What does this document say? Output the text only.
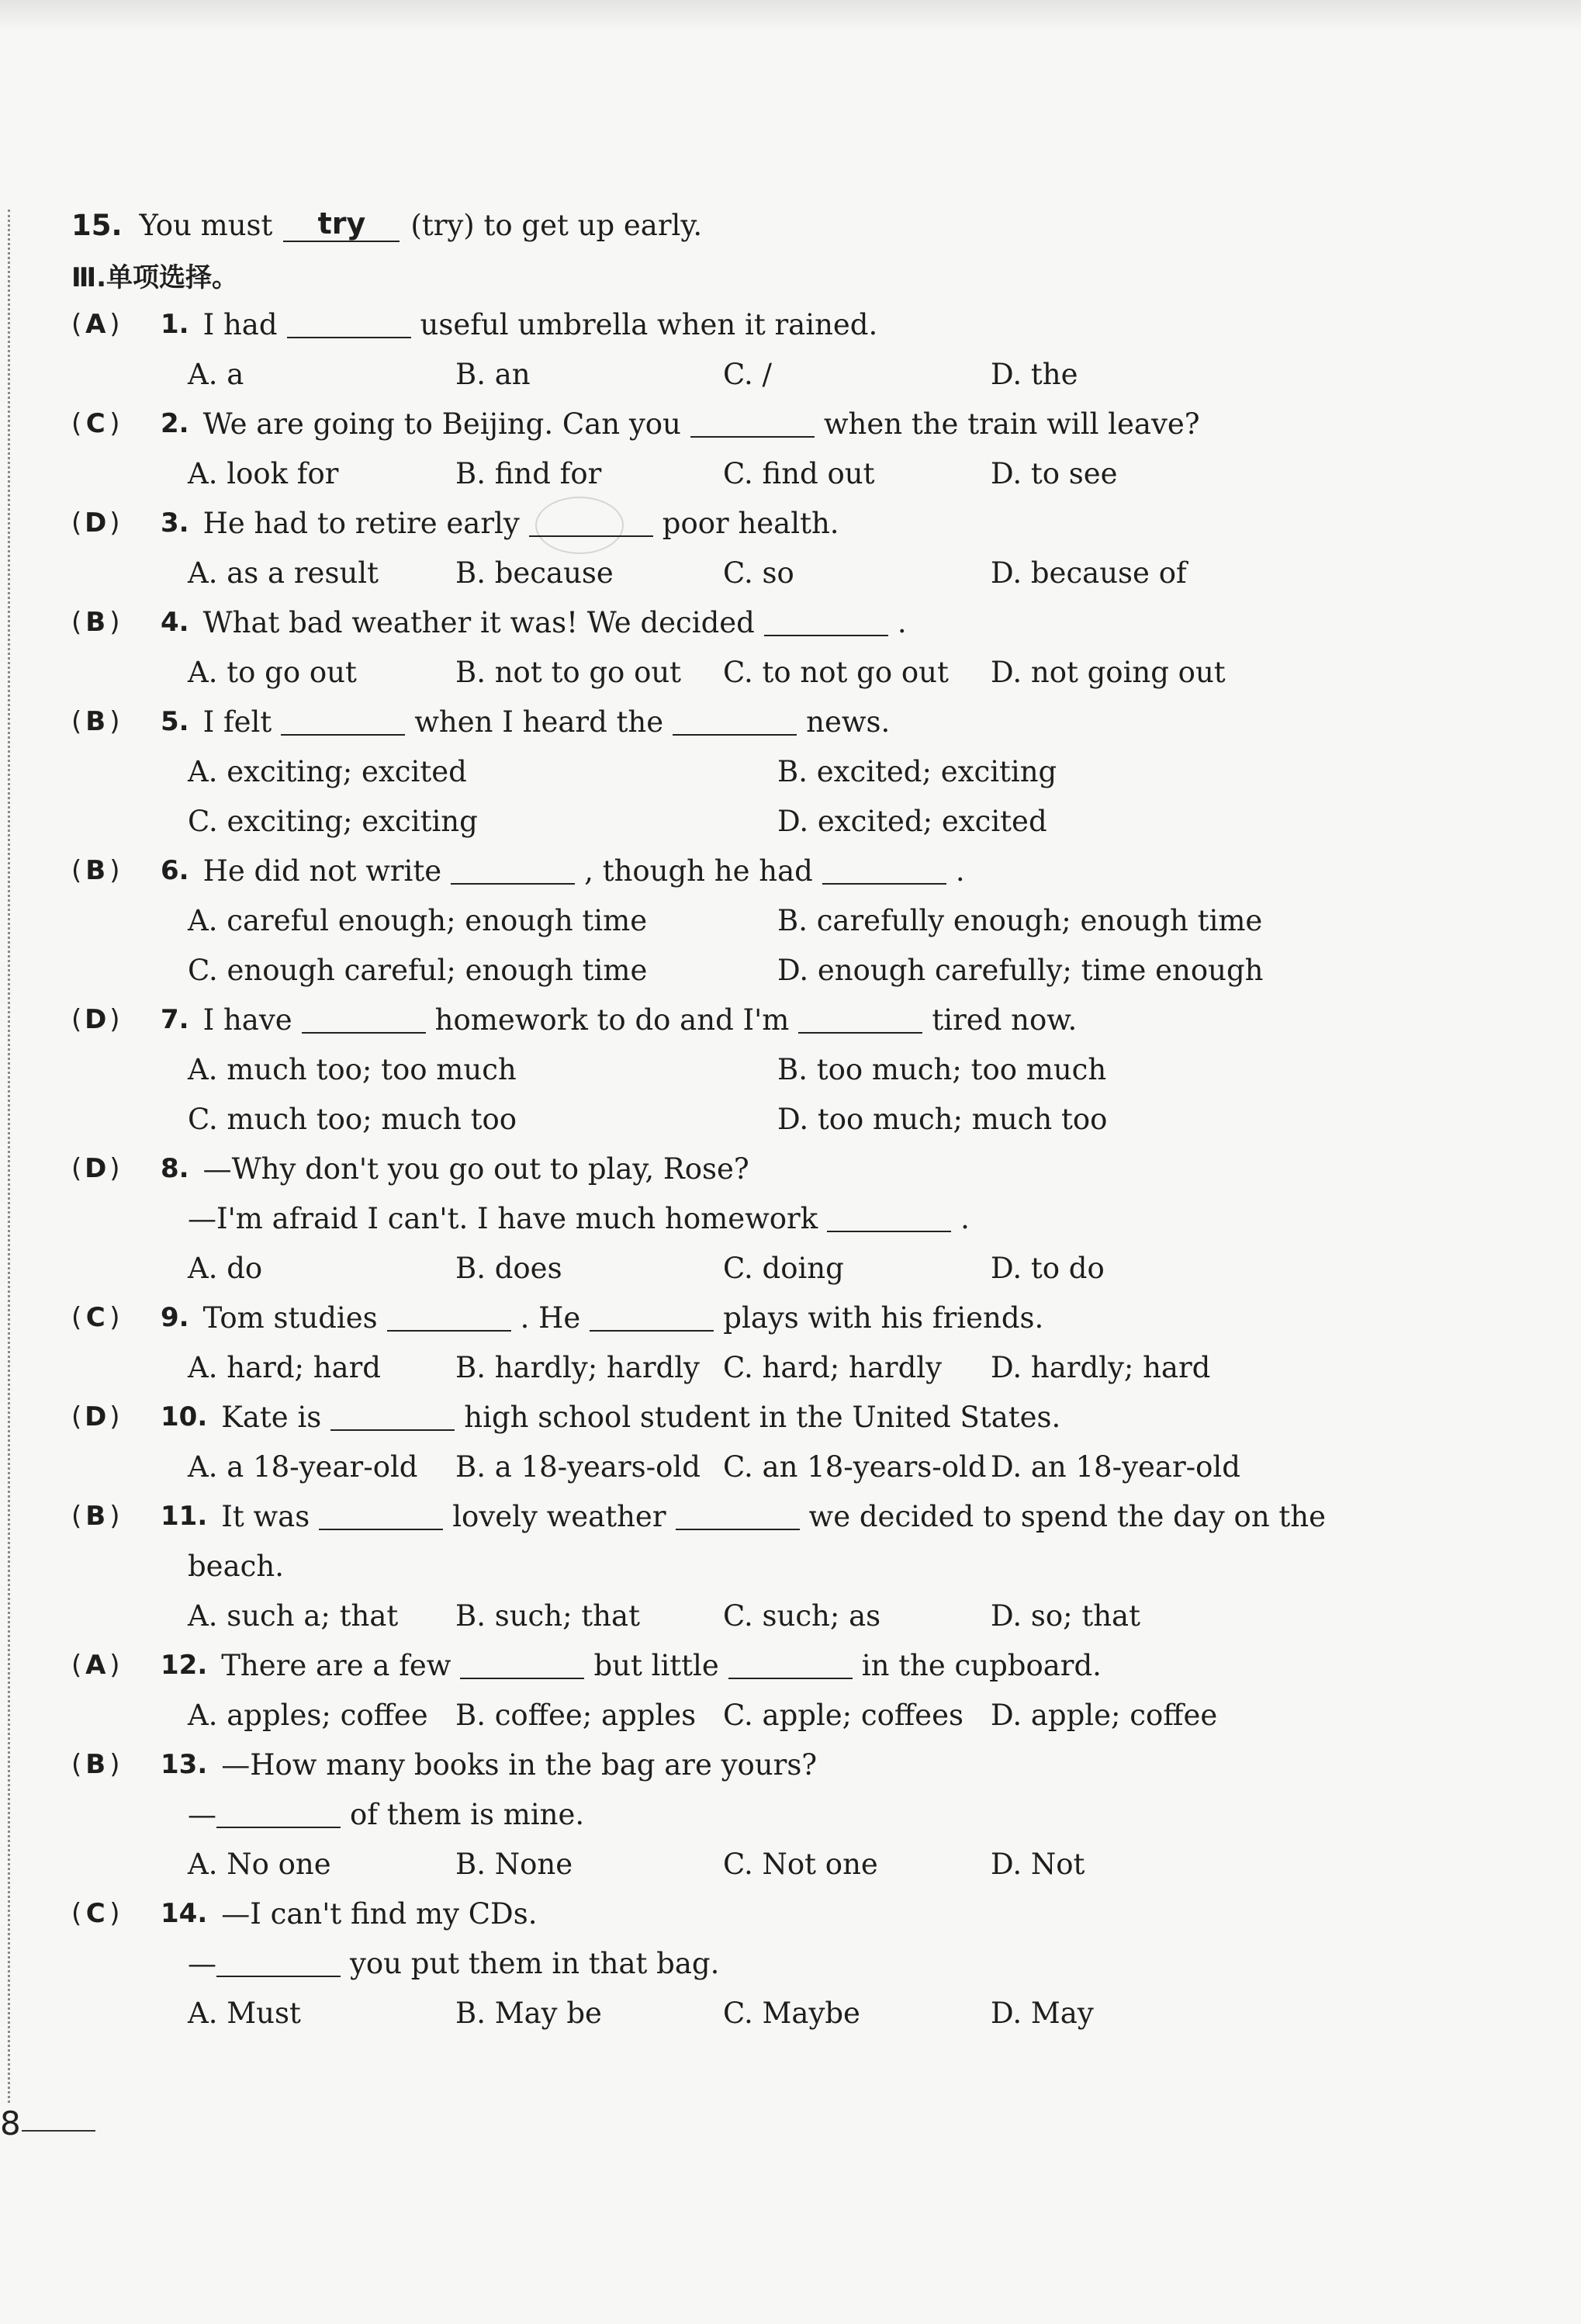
15. You must	try	(try) to get up early.
Ⅲ.单项选择。
( A ) 1. I had	useful umbrella when it rained.
A. a	B. an	C. /	D. the
( C ) 2. We are going to Beijing. Can you	when the train will leave?
A. look for	B. find for	C. find out	D. to see
( D ) 3. He had to retire early	poor health.
A. as a result	B. because	C. so	D. because of
( B ) 4. What bad weather it was! We decided	.
A. to go out	B. not to go out	C. to not go out	D. not going out
( B ) 5. I felt	when I heard the	news.
A. exciting; excited	B. excited; exciting
C. exciting; exciting	D. excited; excited
( B ) 6. He did not write	, though he had	.
A. careful enough; enough time	B. carefully enough; enough time
C. enough careful; enough time	D. enough carefully; time enough
( D ) 7. I have	homework to do and I'm	tired now.
A. much too; too much	B. too much; too much
C. much too; much too	D. too much; much too
( D ) 8. —Why don't you go out to play, Rose?
—I'm afraid I can't. I have much homework	.
A. do	B. does	C. doing	D. to do
( C ) 9. Tom studies	. He	plays with his friends.
A. hard; hard	B. hardly; hardly C. hard; hardly	D. hardly; hard
( D ) 10. Kate is	high school student in the United States.
A. a 18-year-old	B. a 18-years-old C. an 18-years-old D. an 18-year-old
( B ) 11. It was	lovely weather	we decided to spend the day on the
beach.
A. such a; that	B. such; that	C. such; as	D. so; that
( A ) 12. There are a few	but little	in the cupboard.
A. apples; coffee B. coffee; apples C. apple; coffees D. apple; coffee
( B ) 13. —How many books in the bag are yours?
—	of them is mine.
A. No one	B. None	C. Not one	D. Not
( C ) 14. —I can't find my CDs.
—	you put them in that bag.
A. Must	B. May be	C. Maybe	D. May
8
